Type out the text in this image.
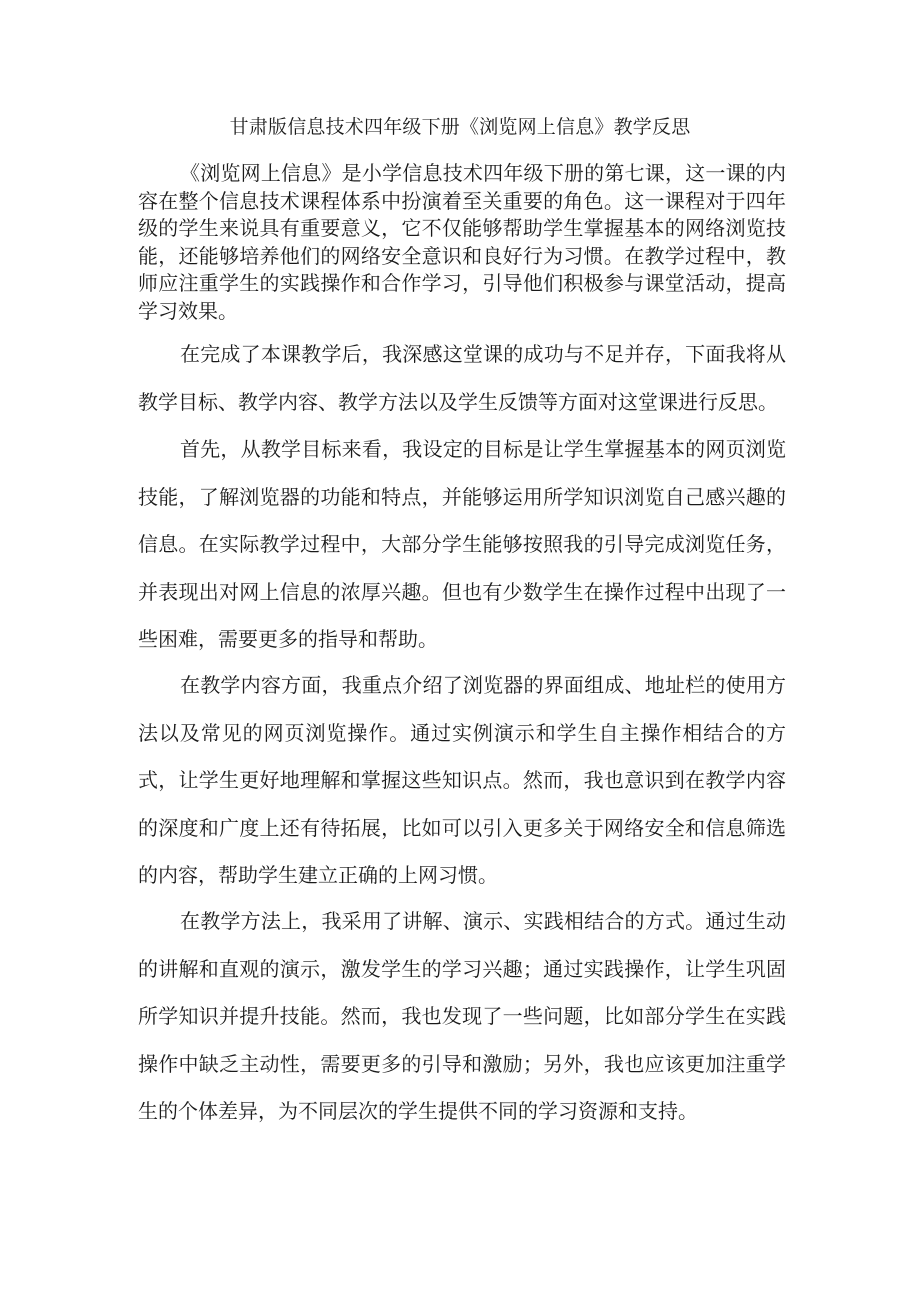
甘肃版信息技术四年级下册《浏览网上信息》教学反思

《浏览网上信息》是小学信息技术四年级下册的第七课，这一课的内容在整个信息技术课程体系中扮演着至关重要的角色。这一课程对于四年级的学生来说具有重要意义，它不仅能够帮助学生掌握基本的网络浏览技能，还能够培养他们的网络安全意识和良好行为习惯。在教学过程中，教师应注重学生的实践操作和合作学习，引导他们积极参与课堂活动，提高学习效果。

在完成了本课教学后，我深感这堂课的成功与不足并存，下面我将从教学目标、教学内容、教学方法以及学生反馈等方面对这堂课进行反思。

首先，从教学目标来看，我设定的目标是让学生掌握基本的网页浏览技能，了解浏览器的功能和特点，并能够运用所学知识浏览自己感兴趣的信息。在实际教学过程中，大部分学生能够按照我的引导完成浏览任务，并表现出对网上信息的浓厚兴趣。但也有少数学生在操作过程中出现了一些困难，需要更多的指导和帮助。

在教学内容方面，我重点介绍了浏览器的界面组成、地址栏的使用方法以及常见的网页浏览操作。通过实例演示和学生自主操作相结合的方式，让学生更好地理解和掌握这些知识点。然而，我也意识到在教学内容的深度和广度上还有待拓展，比如可以引入更多关于网络安全和信息筛选的内容，帮助学生建立正确的上网习惯。

在教学方法上，我采用了讲解、演示、实践相结合的方式。通过生动的讲解和直观的演示，激发学生的学习兴趣；通过实践操作，让学生巩固所学知识并提升技能。然而，我也发现了一些问题，比如部分学生在实践操作中缺乏主动性，需要更多的引导和激励；另外，我也应该更加注重学生的个体差异，为不同层次的学生提供不同的学习资源和支持。
